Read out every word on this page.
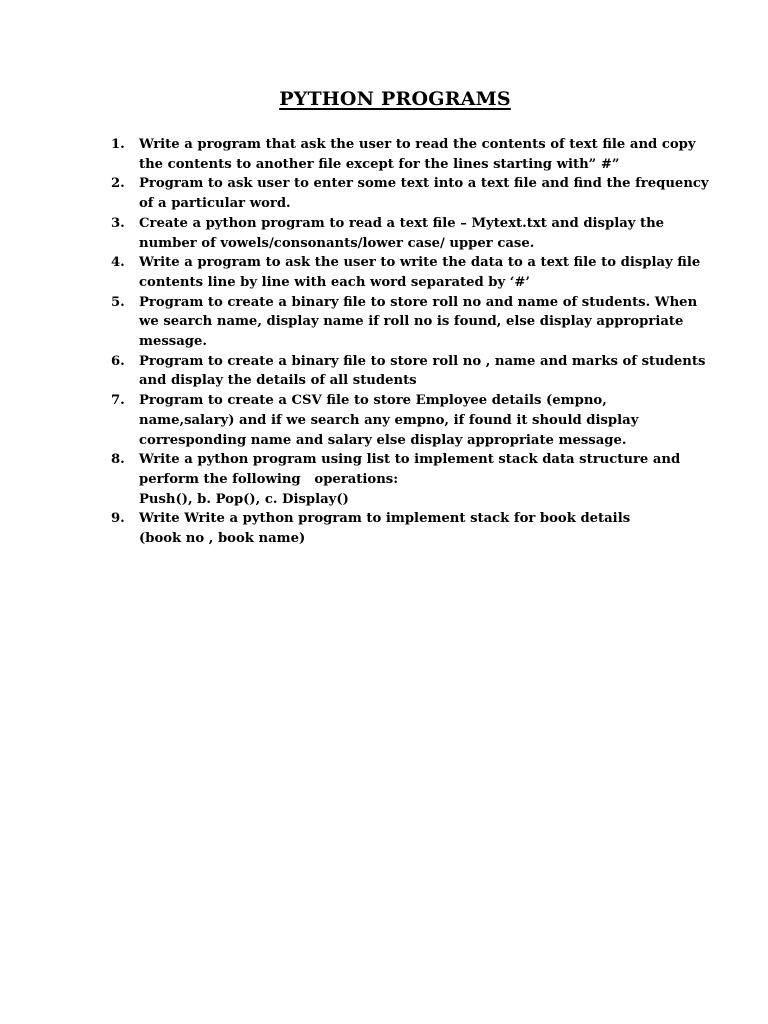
PYTHON PROGRAMS
1.	Write a program that ask the user to read the contents of text file and copy
the contents to another file except for the lines starting with” #”
2.	Program to ask user to enter some text into a text file and find the frequency
of a particular word.
3.	Create a python program to read a text file – Mytext.txt and display the
number of vowels/consonants/lower case/ upper case.
4.	Write a program to ask the user to write the data to a text file to display file
contents line by line with each word separated by ‘#’
5.	Program to create a binary file to store roll no and name of students. When
we search name, display name if roll no is found, else display appropriate
message.
6.	Program to create a binary file to store roll no , name and marks of students
and display the details of all students
7.	Program to create a CSV file to store Employee details (empno,
name,salary) and if we search any empno, if found it should display
corresponding name and salary else display appropriate message.
8.	Write a python program using list to implement stack data structure and
perform the following   operations:
Push(), b. Pop(), c. Display()
9.	Write Write a python program to implement stack for book details
(book no , book name)
